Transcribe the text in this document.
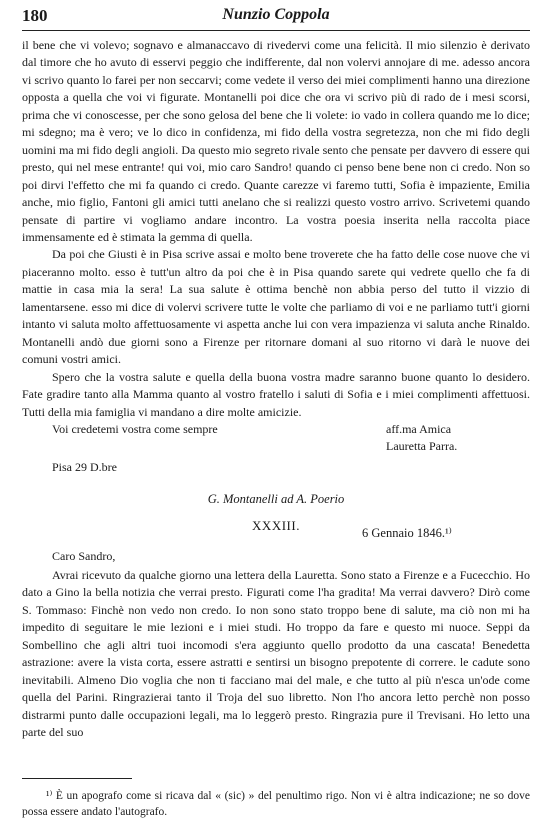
180	Nunzio Coppola

il bene che vi volevo; sognavo e almanaccavo di rivedervi come una felicità. Il mio silenzio è derivato dal timore che ho avuto di esservi peggio che indifferente, dal non volervi annojare di me. adesso ancora vi scrivo quanto lo farei per non seccarvi; come vedete il verso dei miei complimenti hanno una direzione opposta a quella che voi vi figurate. Montanelli poi dice che ora vi scrivo più di rado de i mesi scorsi, prima che vi conoscesse, per che sono gelosa del bene che li volete: io vado in collera quando me lo dice; mi sdegno; ma è vero; ve lo dico in confidenza, mi fido della vostra segretezza, non che mi fido degli uomini ma mi fido degli angioli. Da questo mio segreto rivale sento che pensate per davvero di essere qui presto, qui nel mese entrante! qui voi, mio caro Sandro! quando ci penso bene bene non ci credo. Non so poi dirvi l'effetto che mi fa quando ci credo. Quante carezze vi faremo tutti, Sofia è impaziente, Emilia anche, mio figlio, Fantoni gli amici tutti anelano che si realizzi questo vostro arrivo. Scrivetemi quando pensate di partire vi vogliamo andare incontro. La vostra poesia inserita nella raccolta piace immensamente ed è stimata la gemma di quella.

Da poi che Giusti è in Pisa scrive assai e molto bene troverete che ha fatto delle cose nuove che vi piaceranno molto. esso è tutt'un altro da poi che è in Pisa quando sarete qui vedrete quello che fa di mattie in casa mia la sera! La sua salute è ottima benchè non abbia perso del tutto il vizzio di lamentarsene. esso mi dice di volervi scrivere tutte le volte che parliamo di voi e ne parliamo tutt'i giorni intanto vi saluta molto affettuosamente vi aspetta anche lui con vera impazienza vi saluta anche Rinaldo. Montanelli andò due giorni sono a Firenze per ritornare domani al suo ritorno vi darà le nuove dei comuni vostri amici.

Spero che la vostra salute e quella della buona vostra madre saranno buone quanto lo desidero. Fate gradire tanto alla Mamma quanto al vostro fratello i saluti di Sofia e i miei complimenti affettuosi. Tutti della mia famiglia vi mandano a dire molte amicizie.

Voi credetemi vostra come sempre	aff.ma Amica
Lauretta Parra.
Pisa 29 D.bre
G. Montanelli ad A. Poerio
XXXIII.	6 Gennaio 1846.¹⁾
Caro Sandro,

Avrai ricevuto da qualche giorno una lettera della Lauretta. Sono stato a Firenze e a Fucecchio. Ho dato a Gino la bella notizia che verrai presto. Figurati come l'ha gradita! Ma verrai davvero? Dirò come S. Tommaso: Finchè non vedo non credo. Io non sono stato troppo bene di salute, ma ciò non mi ha impedito di seguitare le mie lezioni e i miei studi. Ho troppo da fare e questo mi nuoce. Seppi da Sombellino che agli altri tuoi incomodi s'era aggiunto quello prodotto da una cascata! Benedetta astrazione: avere la vista corta, essere astratti e sentirsi un bisogno prepotente di correre. le cadute sono inevitabili. Almeno Dio voglia che non ti facciano mai del male, e che tutto al più n'esca un'ode come quella del Parini. Ringrazierai tanto il Troja del suo libretto. Non l'ho ancora letto perchè non posso distrarmi punto dalle occupazioni legali, ma lo leggerò presto. Ringrazia pure il Trevisani. Ho letto una parte del suo

¹⁾ È un apografo come si ricava dal « (sic) » del penultimo rigo. Non vi è altra indicazione; ne so dove possa essere andato l'autografo.
